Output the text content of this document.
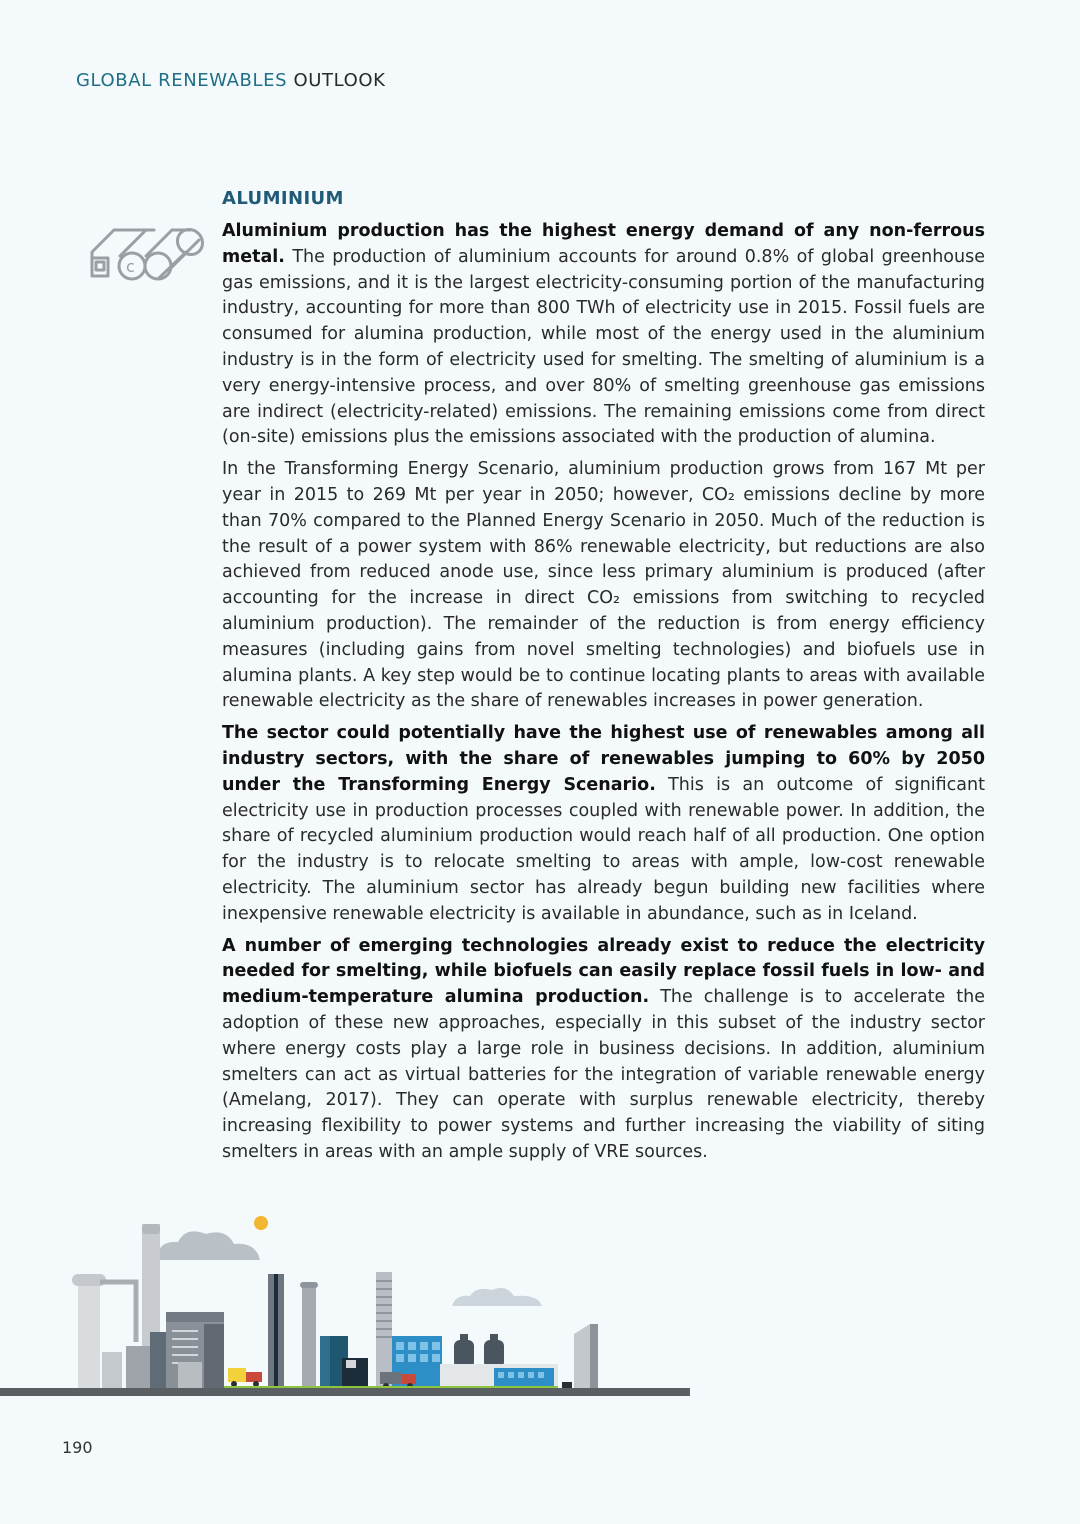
GLOBAL RENEWABLES OUTLOOK
ALUMINIUM
c

Aluminium production has the highest energy demand of any non-ferrous metal. The production of aluminium accounts for around 0.8% of global greenhouse gas emissions, and it is the largest electricity-consuming portion of the manufacturing industry, accounting for more than 800 TWh of electricity use in 2015. Fossil fuels are consumed for alumina production, while most of the energy used in the aluminium industry is in the form of electricity used for smelting. The smelting of aluminium is a very energy-intensive process, and over 80% of smelting greenhouse gas emissions are indirect (electricity-related) emissions. The remaining emissions come from direct (on-site) emissions plus the emissions associated with the production of alumina.

In the Transforming Energy Scenario, aluminium production grows from 167 Mt per year in 2015 to 269 Mt per year in 2050; however, CO₂ emissions decline by more than 70% compared to the Planned Energy Scenario in 2050. Much of the reduction is the result of a power system with 86% renewable electricity, but reductions are also achieved from reduced anode use, since less primary aluminium is produced (after accounting for the increase in direct CO₂ emissions from switching to recycled aluminium production). The remainder of the reduction is from energy efficiency measures (including gains from novel smelting technologies) and biofuels use in alumina plants. A key step would be to continue locating plants to areas with available renewable electricity as the share of renewables increases in power generation.

The sector could potentially have the highest use of renewables among all industry sectors, with the share of renewables jumping to 60% by 2050 under the Transforming Energy Scenario. This is an outcome of significant electricity use in production processes coupled with renewable power. In addition, the share of recycled aluminium production would reach half of all production. One option for the industry is to relocate smelting to areas with ample, low-cost renewable electricity. The aluminium sector has already begun building new facilities where inexpensive renewable electricity is available in abundance, such as in Iceland.

A number of emerging technologies already exist to reduce the electricity needed for smelting, while biofuels can easily replace fossil fuels in low- and medium-temperature alumina production. The challenge is to accelerate the adoption of these new approaches, especially in this subset of the industry sector where energy costs play a large role in business decisions. In addition, aluminium smelters can act as virtual batteries for the integration of variable renewable energy (Amelang, 2017). They can operate with surplus renewable electricity, thereby increasing flexibility to power systems and further increasing the viability of siting smelters in areas with an ample supply of VRE sources.

190
